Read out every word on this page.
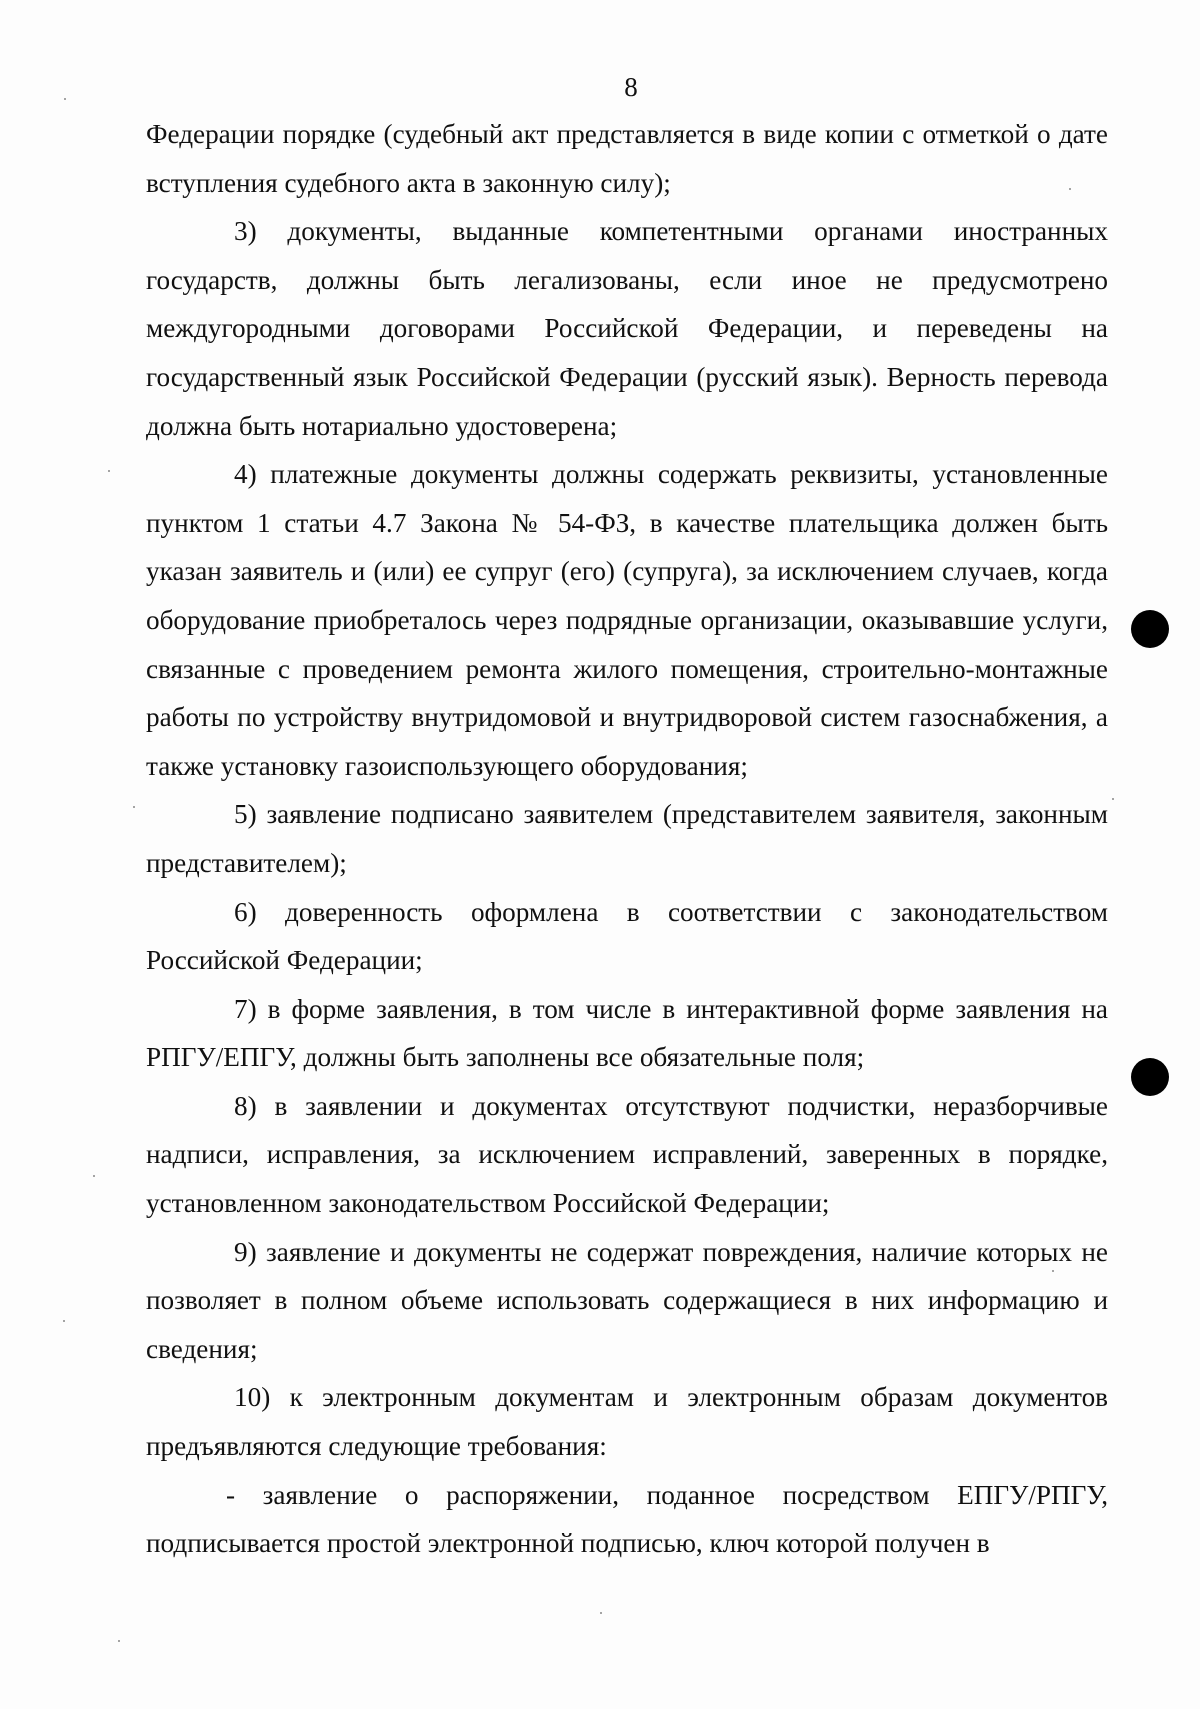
8

Федерации порядке (судебный акт представляется в виде копии с отметкой о дате вступления судебного акта в законную силу);

3) документы, выданные компетентными органами иностранных государств, должны быть легализованы, если иное не предусмотрено междугородными договорами Российской Федерации, и переведены на государственный язык Российской Федерации (русский язык). Верность перевода должна быть нотариально удостоверена;

4) платежные документы должны содержать реквизиты, установленные пунктом 1 статьи 4.7 Закона № 54-ФЗ, в качестве плательщика должен быть указан заявитель и (или) ее супруг (его) (супруга), за исключением случаев, когда оборудование приобреталось через подрядные организации, оказывавшие услуги, связанные с проведением ремонта жилого помещения, строительно-монтажные работы по устройству внутридомовой и внутридворовой систем газоснабжения, а также установку газоиспользующего оборудования;

5) заявление подписано заявителем (представителем заявителя, законным представителем);

6) доверенность оформлена в соответствии с законодательством Российской Федерации;

7) в форме заявления, в том числе в интерактивной форме заявления на РПГУ/ЕПГУ, должны быть заполнены все обязательные поля;

8) в заявлении и документах отсутствуют подчистки, неразборчивые надписи, исправления, за исключением исправлений, заверенных в порядке, установленном законодательством Российской Федерации;

9) заявление и документы не содержат повреждения, наличие которых не позволяет в полном объеме использовать содержащиеся в них информацию и сведения;

10) к электронным документам и электронным образам документов предъявляются следующие требования:

- заявление о распоряжении, поданное посредством ЕПГУ/РПГУ, подписывается простой электронной подписью, ключ которой получен в
